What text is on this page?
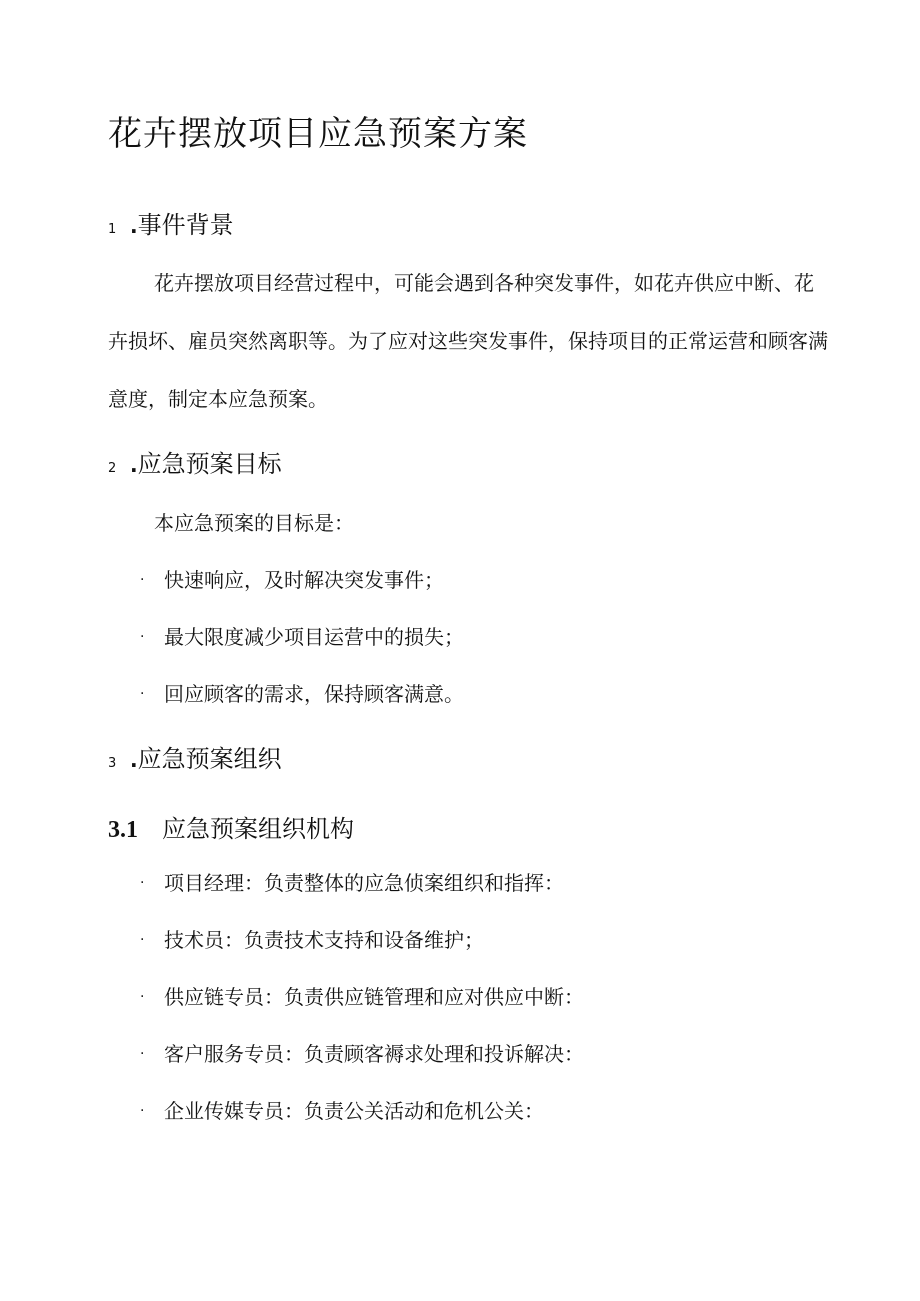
花卉摆放项目应急预案方案
1 .事件背景

花卉摆放项目经营过程中，可能会遇到各种突发事件，如花卉供应中断、花卉损坏、雇员突然离职等。为了应对这些突发事件，保持项目的正常运营和顾客满意度，制定本应急预案。

2 .应急预案目标
本应急预案的目标是：
· 快速响应，及时解决突发事件；
· 最大限度减少项目运营中的损失；
· 回应顾客的需求，保持顾客满意。
3 .应急预案组织
3.1 应急预案组织机构
· 项目经理：负责整体的应急侦案组织和指挥：
· 技术员：负责技术支持和设备维护；
· 供应链专员：负责供应链管理和应对供应中断：
· 客户服务专员：负责顾客褥求处理和投诉解决：
· 企业传媒专员：负责公关活动和危机公关：
